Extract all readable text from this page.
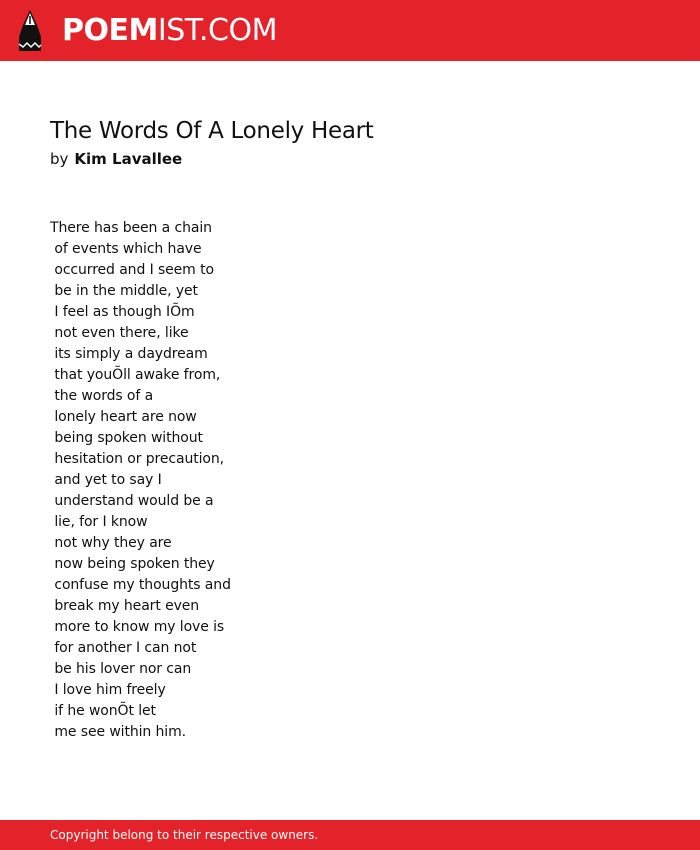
POEMIST.COM
The Words Of A Lonely Heart
by Kim Lavallee
There has been a chain
of events which have
occurred and I seem to
be in the middle, yet
I feel as though IÕm
not even there, like
its simply a daydream
that youÕll awake from,
the words of a
lonely heart are now
being spoken without
hesitation or precaution,
and yet to say I
understand would be a
lie, for I know
not why they are
now being spoken they
confuse my thoughts and
break my heart even
more to know my love is
for another I can not
be his lover nor can
I love him freely
if he wonÕt let
me see within him.
Copyright belong to their respective owners.
